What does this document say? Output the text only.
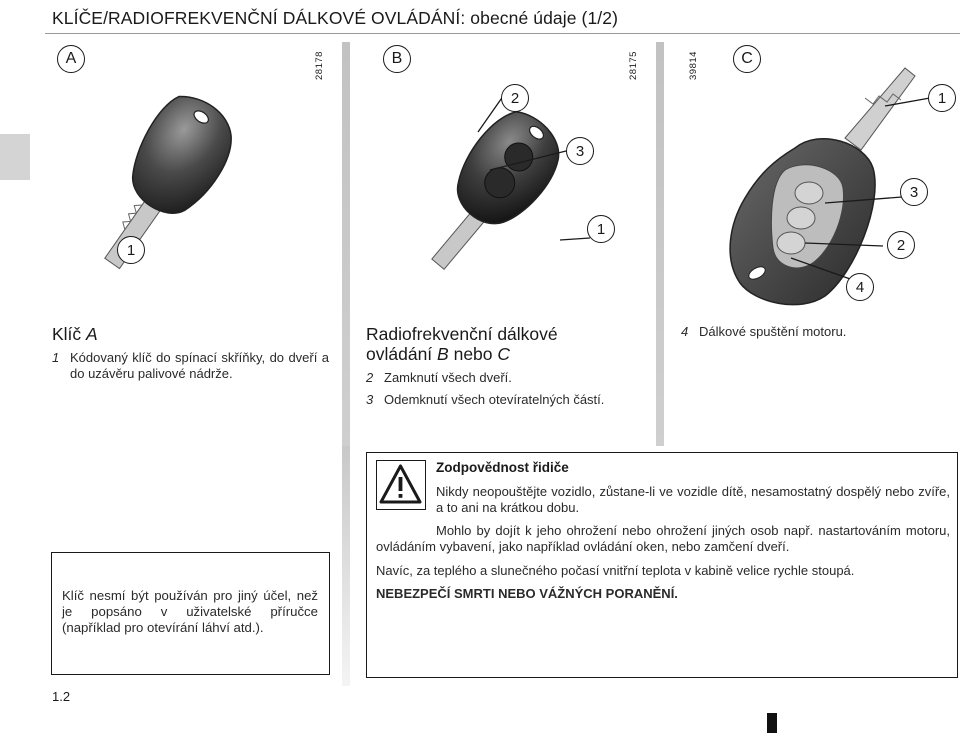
KLÍČE/RADIOFREKVENČNÍ DÁLKOVÉ OVLÁDÁNÍ: obecné údaje (1/2)
A	28178
1
B	28175
2
3
1
C
39814
1
3
2
4
Klíč A
1 Kódovaný klíč do spínací skříňky, do dveří a do uzávěru palivové nádrže.
Radiofrekvenční dálkové
ovládání B nebo C
2 Zamknutí všech dveří.
3 Odemknutí všech otevíratelných částí.
4 Dálkové spuštění motoru.
Klíč nesmí být používán pro jiný účel, než je popsáno v uživatelské příručce (například pro otevírání láhví atd.).
Zodpovědnost řidiče
Nikdy neopouštějte vozidlo, zůstane-li ve vozidle dítě, nesamostatný dospělý nebo zvíře, a to ani na krátkou dobu.
Mohlo by dojít k jeho ohrožení nebo ohrožení jiných osob např. nastartováním motoru, ovládáním vybavení, jako například ovládání oken, nebo zamčení dveří.
Navíc, za teplého a slunečného počasí vnitřní teplota v kabině velice rychle stoupá.
NEBEZPEČÍ SMRTI NEBO VÁŽNÝCH PORANĚNÍ.
1.2
